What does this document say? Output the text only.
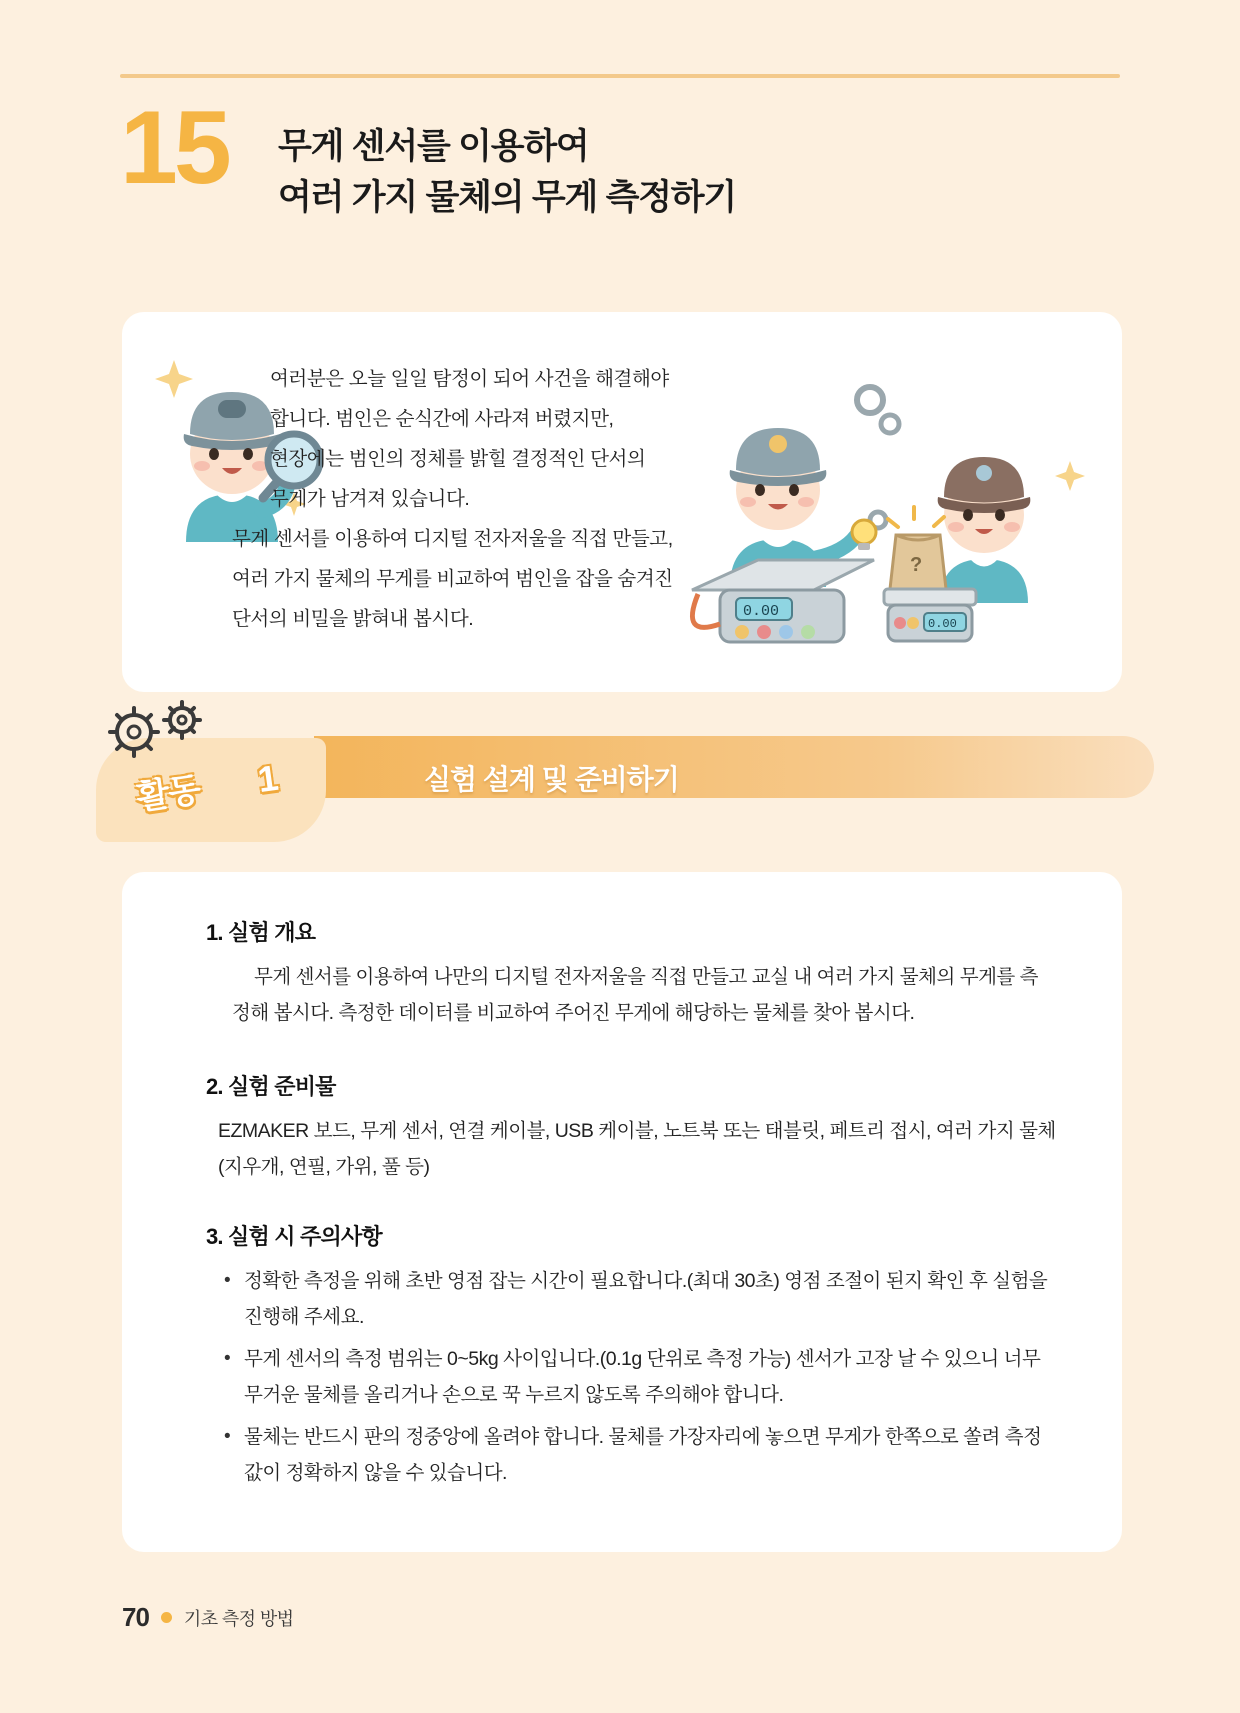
15 무게 센서를 이용하여
여러 가지 물체의 무게 측정하기

여러분은 오늘 일일 탐정이 되어 사건을 해결해야

합니다. 범인은 순식간에 사라져 버렸지만,

현장에는 범인의 정체를 밝힐 결정적인 단서의

무게가 남겨져 있습니다.

무게 센서를 이용하여 디지털 전자저울을 직접 만들고,

여러 가지 물체의 무게를 비교하여 범인을 잡을 숨겨진

단서의 비밀을 밝혀내 봅시다.	0.00
?
0.00
실험 설계 및 준비하기
활동 1
1. 실험 개요

무게 센서를 이용하여 나만의 디지털 전자저울을 직접 만들고 교실 내 여러 가지 물체의 무게를 측정해 봅시다. 측정한 데이터를 비교하여 주어진 무게에 해당하는 물체를 찾아 봅시다.

2. 실험 준비물

EZMAKER 보드, 무게 센서, 연결 케이블, USB 케이블, 노트북 또는 태블릿, 페트리 접시, 여러 가지 물체(지우개, 연필, 가위, 풀 등)

3. 실험 시 주의사항
• 정확한 측정을 위해 초반 영점 잡는 시간이 필요합니다.(최대 30초) 영점 조절이 된지 확인 후 실험을 진행해 주세요.
• 무게 센서의 측정 범위는 0~5kg 사이입니다.(0.1g 단위로 측정 가능) 센서가 고장 날 수 있으니 너무 무거운 물체를 올리거나 손으로 꾹 누르지 않도록 주의해야 합니다.
• 물체는 반드시 판의 정중앙에 올려야 합니다. 물체를 가장자리에 놓으면 무게가 한쪽으로 쏠려 측정값이 정확하지 않을 수 있습니다.
70 기초 측정 방법
